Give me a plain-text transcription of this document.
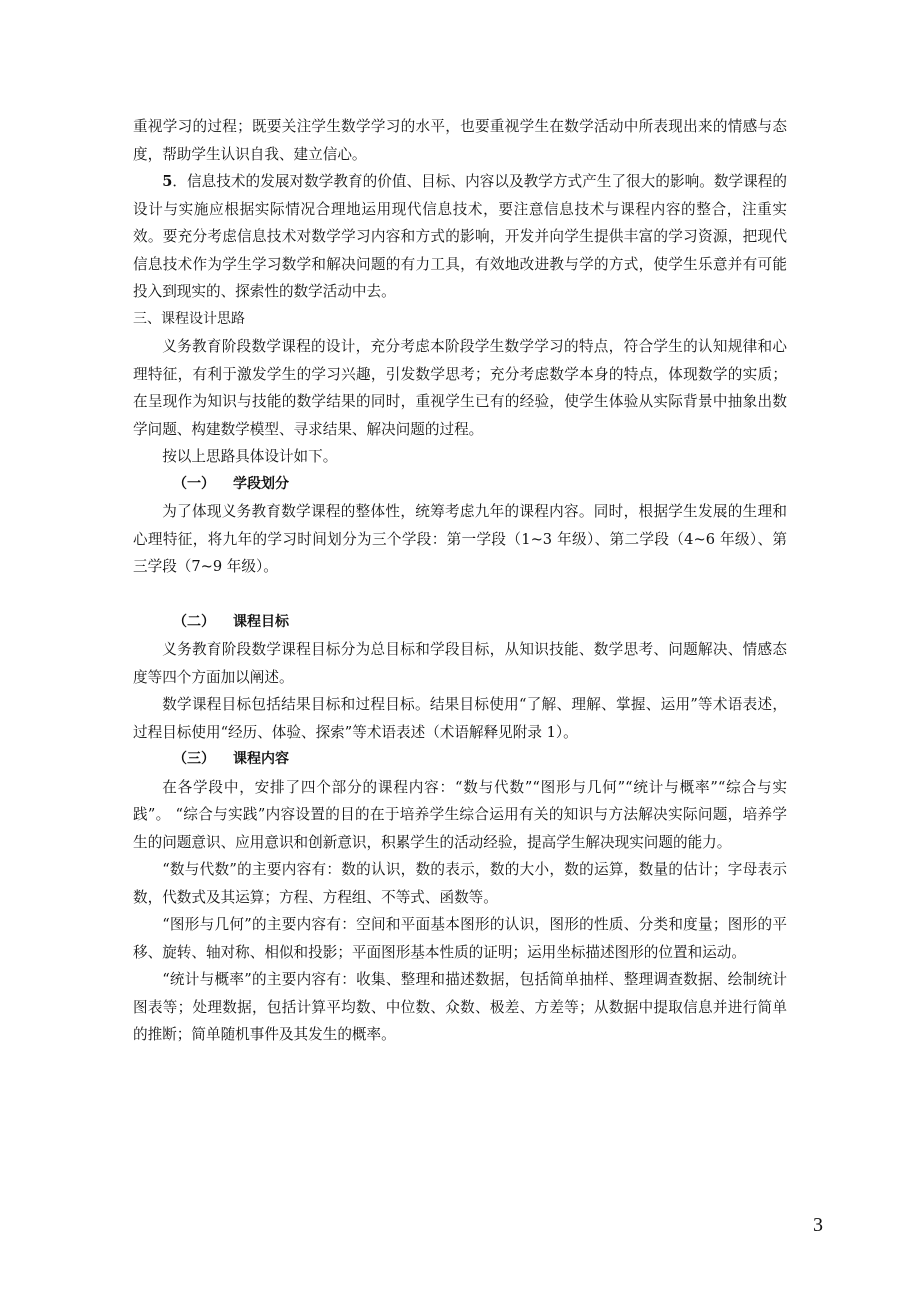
重视学习的过程；既要关注学生数学学习的水平，也要重视学生在数学活动中所表现出来的情感与态度，帮助学生认识自我、建立信心。

5．信息技术的发展对数学教育的价值、目标、内容以及教学方式产生了很大的影响。数学课程的设计与实施应根据实际情况合理地运用现代信息技术，要注意信息技术与课程内容的整合，注重实效。要充分考虑信息技术对数学学习内容和方式的影响，开发并向学生提供丰富的学习资源，把现代信息技术作为学生学习数学和解决问题的有力工具，有效地改进教与学的方式，使学生乐意并有可能投入到现实的、探索性的数学活动中去。

三、课程设计思路

义务教育阶段数学课程的设计，充分考虑本阶段学生数学学习的特点，符合学生的认知规律和心理特征，有利于激发学生的学习兴趣，引发数学思考；充分考虑数学本身的特点，体现数学的实质；在呈现作为知识与技能的数学结果的同时，重视学生已有的经验，使学生体验从实际背景中抽象出数学问题、构建数学模型、寻求结果、解决问题的过程。

按以上思路具体设计如下。

（一） 学段划分

为了体现义务教育数学课程的整体性，统筹考虑九年的课程内容。同时，根据学生发展的生理和心理特征，将九年的学习时间划分为三个学段：第一学段（1~3 年级）、第二学段（4~6 年级）、第三学段（7~9 年级）。

（二） 课程目标

义务教育阶段数学课程目标分为总目标和学段目标，从知识技能、数学思考、问题解决、情感态度等四个方面加以阐述。

数学课程目标包括结果目标和过程目标。结果目标使用“了解、理解、掌握、运用”等术语表述，过程目标使用“经历、体验、探索”等术语表述（术语解释见附录 1）。

（三） 课程内容

在各学段中，安排了四个部分的课程内容：“数与代数”“图形与几何”“统计与概率”“综合与实践”。 “综合与实践”内容设置的目的在于培养学生综合运用有关的知识与方法解决实际问题，培养学生的问题意识、应用意识和创新意识，积累学生的活动经验，提高学生解决现实问题的能力。

“数与代数”的主要内容有：数的认识，数的表示，数的大小，数的运算，数量的估计；字母表示数，代数式及其运算；方程、方程组、不等式、函数等。

“图形与几何”的主要内容有：空间和平面基本图形的认识，图形的性质、分类和度量；图形的平移、旋转、轴对称、相似和投影；平面图形基本性质的证明；运用坐标描述图形的位置和运动。

“统计与概率”的主要内容有：收集、整理和描述数据，包括简单抽样、整理调查数据、绘制统计图表等；处理数据，包括计算平均数、中位数、众数、极差、方差等；从数据中提取信息并进行简单的推断；简单随机事件及其发生的概率。

3
